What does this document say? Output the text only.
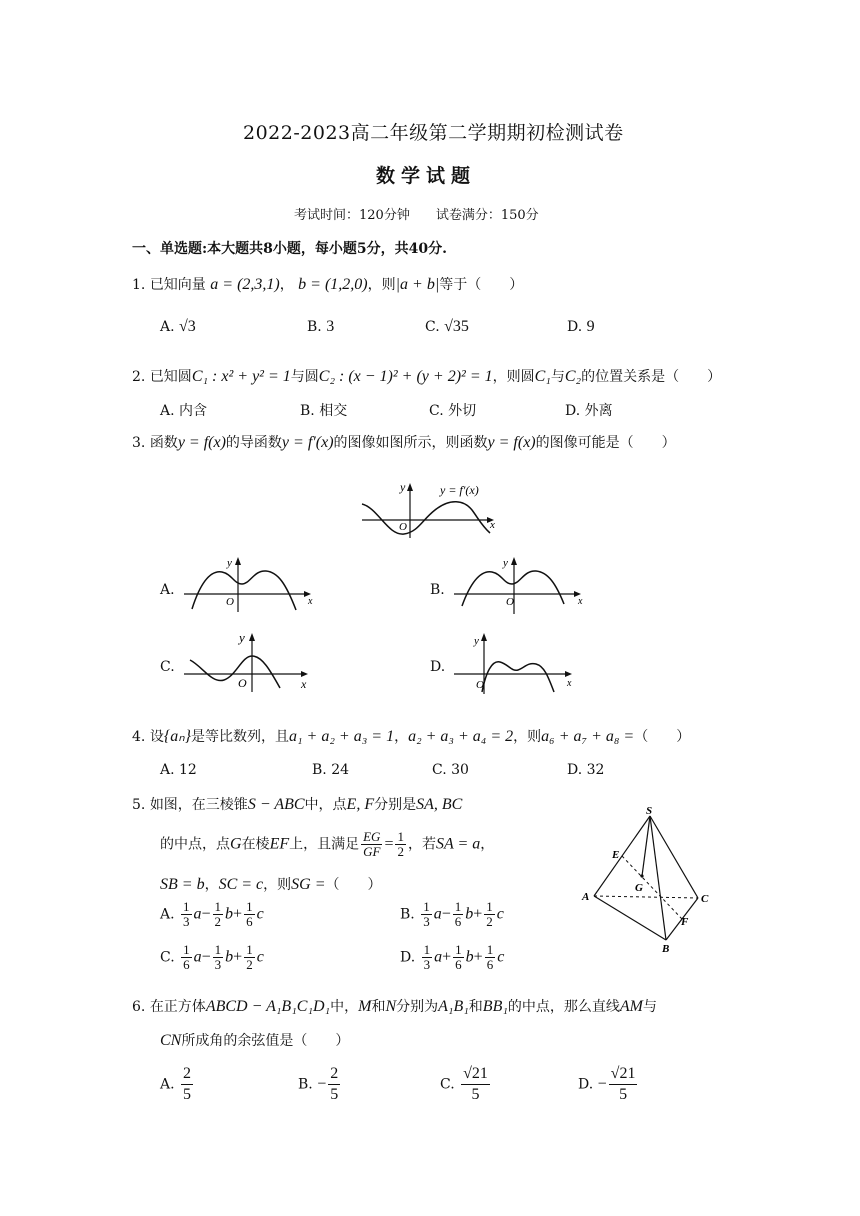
2022-2023高二年级第二学期期初检测试卷
数学试题
考试时间：120分钟　　试卷满分：150分
一、单选题:本大题共8小题，每小题5分，共40分.
1. 已知向量 a = (2,3,1)， b = (1,2,0)，则|a + b|等于（　　）
A. √3	B. 3	C. √35	D. 9
2. 已知圆C₁ : x² + y² = 1与圆C₂ : (x − 1)² + (y + 2)² = 1，则圆C₁与C₂的位置关系是（　　）
A. 内含	B. 相交	C. 外切	D. 外离
3. 函数y = f(x)的导函数y = f′(x)的图像如图所示，则函数y = f(x)的图像可能是（　　）
y	y = f′(x)
x
O
A.
y
x
O
B.
y
x
O
C.
y
x
O
D.
y
x
O
4. 设{aₙ}是等比数列，且a₁ + a₂ + a₃ = 1，a₂ + a₃ + a₄ = 2，则a₆ + a₇ + a₈ =（　　）
A. 12	B. 24	C. 30	D. 32
5. 如图，在三棱锥S − ABC中，点E, F分别是SA, BC
的中点，点G在棱EF上，且满足 $\frac{EG}{GF} = \frac{1}{2}$ ，若SA = a，
SB = b，SC = c，则SG =（　　）
A. $\frac{1}{3} a- \frac{1}{2} b+ \frac{1}{6}$ c	B. $\frac{1}{3} a- \frac{1}{6} b+ \frac{1}{2}$ c
C. $\frac{1}{6} a- \frac{1}{3} b+ \frac{1}{2}$ c	D. $\frac{1}{3} a+ \frac{1}{6} b+ \frac{1}{6}$ c
S
A
B
C
E
F
G
6. 在正方体ABCD − A₁B₁C₁D₁中，M和N分别为A₁B₁和BB₁的中点，那么直线AM与
CN所成角的余弦值是（　　）
A. $\frac{2}{5}$	B. − $\frac{2}{5}$	C. $\frac{√21}{5}$	D. − $\frac{√21}{5}$
